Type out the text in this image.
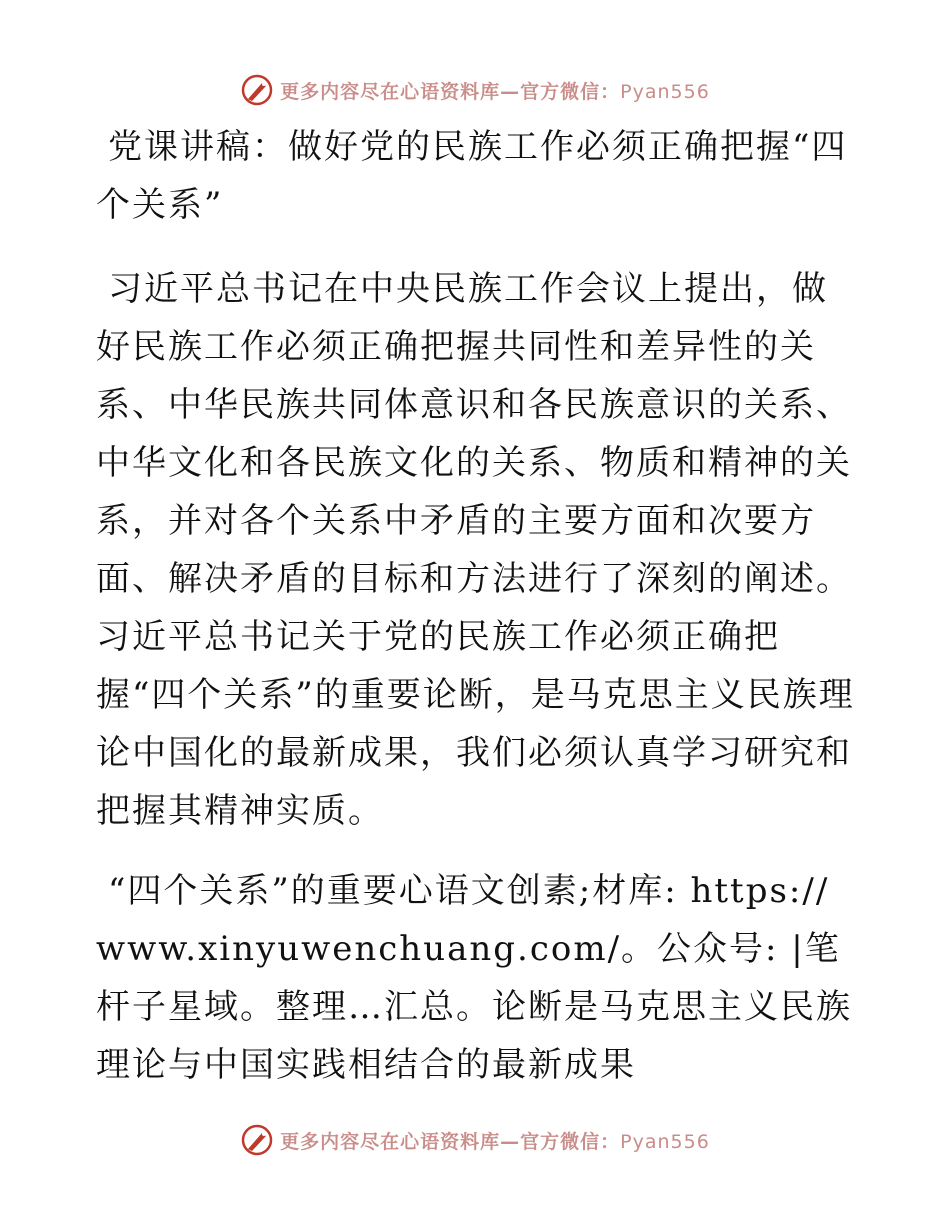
更多内容尽在心语资料库—官方微信：Pyan556
党课讲稿：做好党的民族工作必须正确把握“四个关系”

习近平总书记在中央民族工作会议上提出，做好民族工作必须正确把握共同性和差异性的关系、中华民族共同体意识和各民族意识的关系、中华文化和各民族文化的关系、物质和精神的关系，并对各个关系中矛盾的主要方面和次要方面、解决矛盾的目标和方法进行了深刻的阐述。习近平总书记关于党的民族工作必须正确把握“四个关系”的重要论断，是马克思主义民族理论中国化的最新成果，我们必须认真学习研究和把握其精神实质。

“四个关系”的重要心语文创素;材库: https://www.xinyuwenchuang.com/。公众号: |笔杆子星域。整理…汇总。论断是马克思主义民族理论与中国实践相结合的最新成果

更多内容尽在心语资料库—官方微信：Pyan556
